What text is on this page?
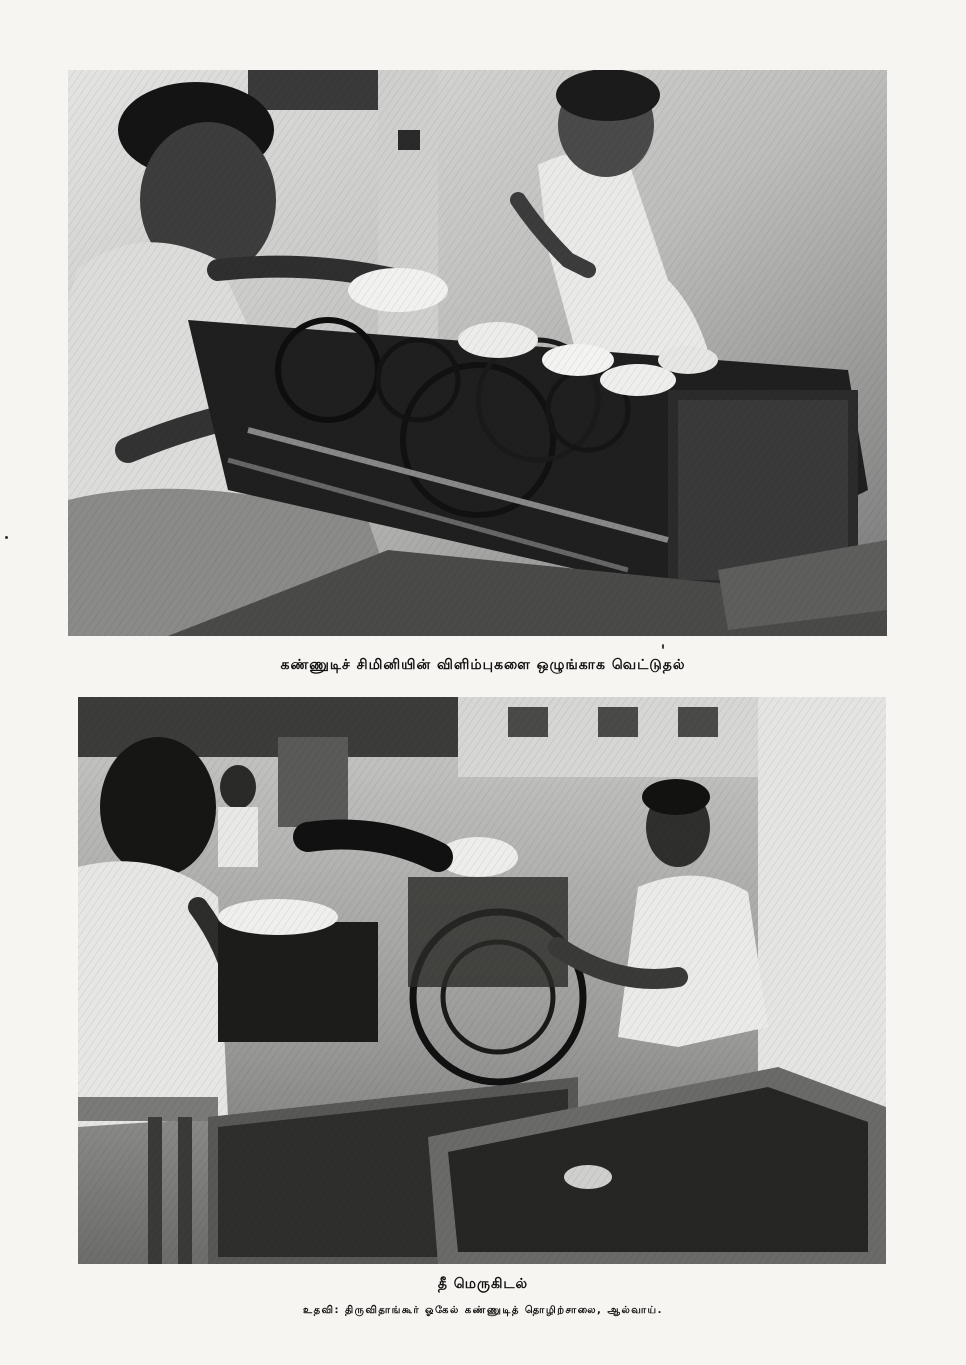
கண்ணுடிச் சிமினியின் விளிம்புகளை ஒழுங்காக வெட்டுதல்
தீ மெருகிடல்
உதவி: திருவிதாங்கூர் ஓகேல் கண்ணுடித் தொழிற்சாலை, ஆல்வாய்.
